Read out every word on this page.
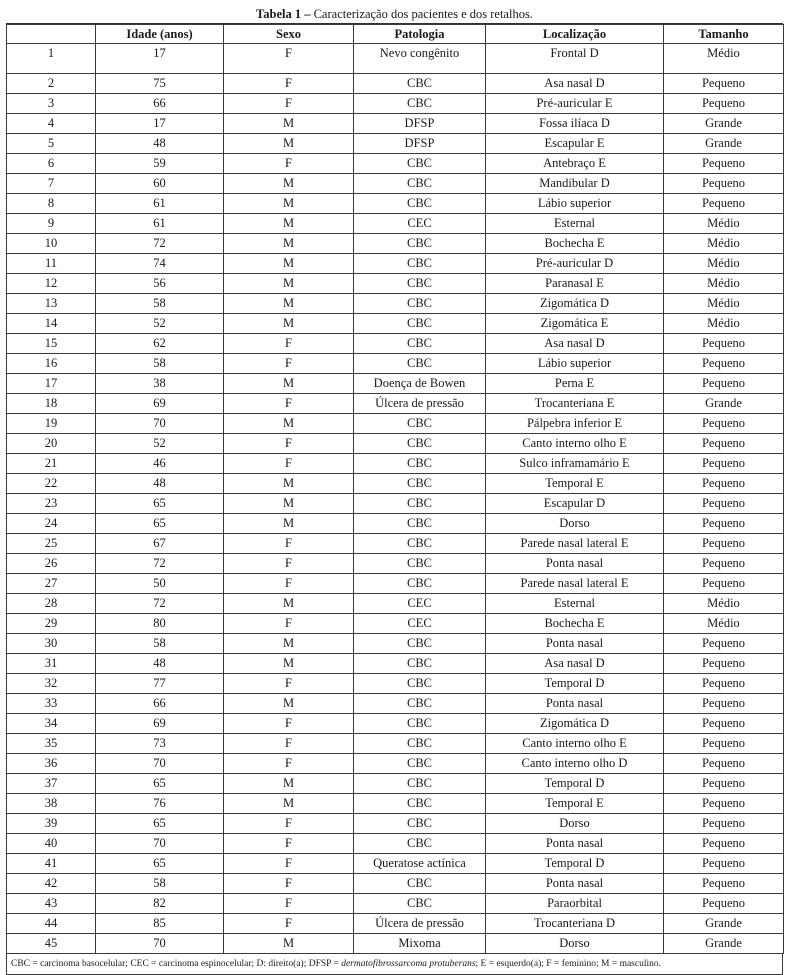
Tabela 1 – Caracterização dos pacientes e dos retalhos.
	Idade (anos)	Sexo	Patologia	Localização	Tamanho
1	17	F	Nevo congênito	Frontal D	Médio
2	75	F	CBC	Asa nasal D	Pequeno
3	66	F	CBC	Pré-auricular E	Pequeno
4	17	M	DFSP	Fossa ilíaca D	Grande
5	48	M	DFSP	Escapular E	Grande
6	59	F	CBC	Antebraço E	Pequeno
7	60	M	CBC	Mandibular D	Pequeno
8	61	M	CBC	Lábio superior	Pequeno
9	61	M	CEC	Esternal	Médio
10	72	M	CBC	Bochecha E	Médio
11	74	M	CBC	Pré-auricular D	Médio
12	56	M	CBC	Paranasal E	Médio
13	58	M	CBC	Zigomática D	Médio
14	52	M	CBC	Zigomática E	Médio
15	62	F	CBC	Asa nasal D	Pequeno
16	58	F	CBC	Lábio superior	Pequeno
17	38	M	Doença de Bowen	Perna E	Pequeno
18	69	F	Úlcera de pressão	Trocanteriana E	Grande
19	70	M	CBC	Pálpebra inferior E	Pequeno
20	52	F	CBC	Canto interno olho E	Pequeno
21	46	F	CBC	Sulco inframamário E	Pequeno
22	48	M	CBC	Temporal E	Pequeno
23	65	M	CBC	Escapular D	Pequeno
24	65	M	CBC	Dorso	Pequeno
25	67	F	CBC	Parede nasal lateral E	Pequeno
26	72	F	CBC	Ponta nasal	Pequeno
27	50	F	CBC	Parede nasal lateral E	Pequeno
28	72	M	CEC	Esternal	Médio
29	80	F	CEC	Bochecha E	Médio
30	58	M	CBC	Ponta nasal	Pequeno
31	48	M	CBC	Asa nasal D	Pequeno
32	77	F	CBC	Temporal D	Pequeno
33	66	M	CBC	Ponta nasal	Pequeno
34	69	F	CBC	Zigomática D	Pequeno
35	73	F	CBC	Canto interno olho E	Pequeno
36	70	F	CBC	Canto interno olho D	Pequeno
37	65	M	CBC	Temporal D	Pequeno
38	76	M	CBC	Temporal E	Pequeno
39	65	F	CBC	Dorso	Pequeno
40	70	F	CBC	Ponta nasal	Pequeno
41	65	F	Queratose actínica	Temporal D	Pequeno
42	58	F	CBC	Ponta nasal	Pequeno
43	82	F	CBC	Paraorbital	Pequeno
44	85	F	Úlcera de pressão	Trocanteriana D	Grande
45	70	M	Mixoma	Dorso	Grande
CBC = carcinoma basocelular; CEC = carcinoma espinocelular; D: direito(a); DFSP = dermatofibrossarcoma protuberans; E = esquerdo(a); F = feminino; M = masculino.
